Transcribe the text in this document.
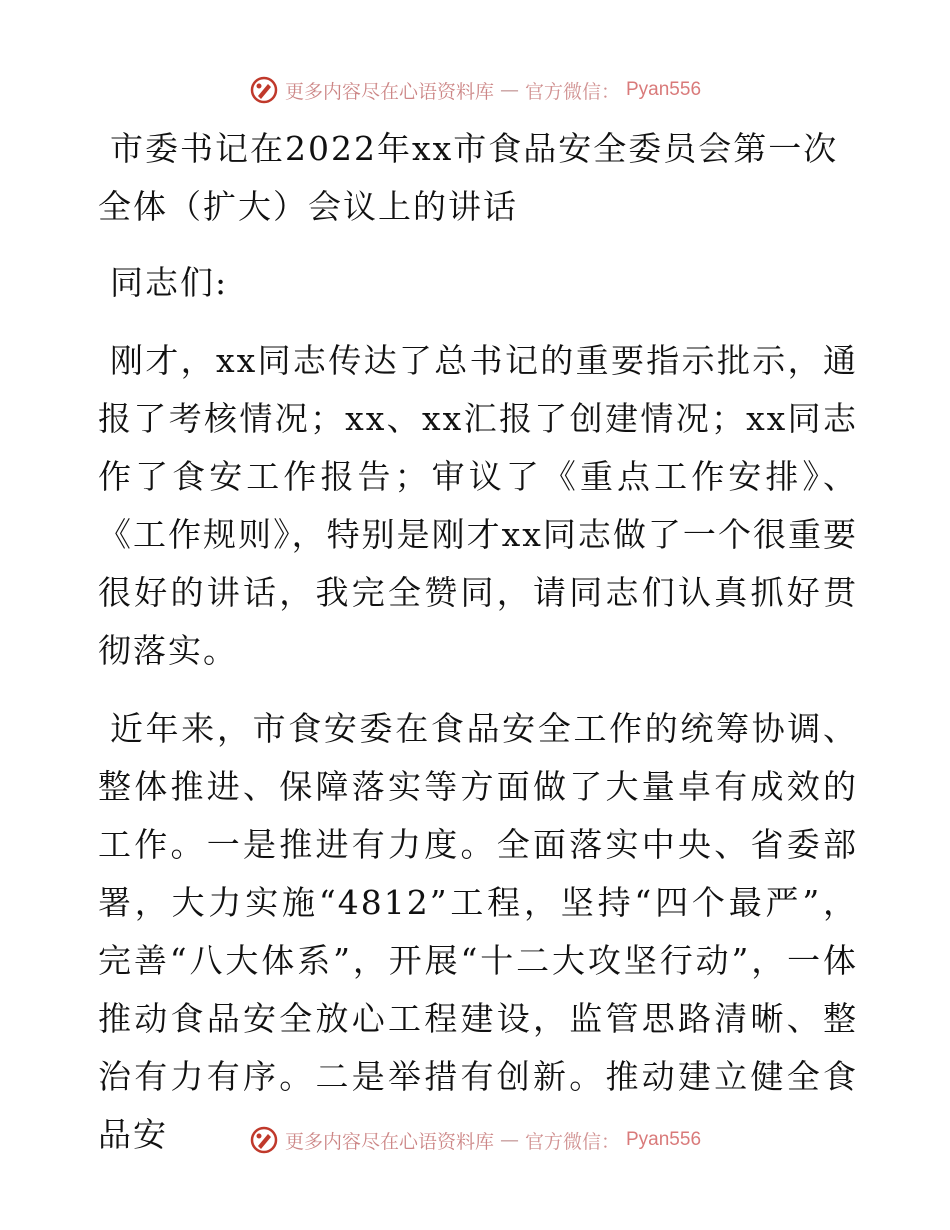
更多内容尽在心语资料库 — 官方微信： Pyan556
市委书记在2022年xx市食品安全委员会第一次全体（扩大）会议上的讲话

同志们:

刚才，xx同志传达了总书记的重要指示批示，通报了考核情况；xx、xx汇报了创建情况；xx同志作了食安工作报告；审议了《重点工作安排》、《工作规则》，特别是刚才xx同志做了一个很重要很好的讲话，我完全赞同，请同志们认真抓好贯彻落实。

近年来，市食安委在食品安全工作的统筹协调、整体推进、保障落实等方面做了大量卓有成效的工作。一是推进有力度。全面落实中央、省委部署，大力实施“4812”工程，坚持“四个最严”，完善“八大体系”，开展“十二大攻坚行动”，一体推动食品安全放心工程建设，监管思路清晰、整治有力有序。二是举措有创新。推动建立健全食品安	更多内容尽在心语资料库 — 官方微信： Pyan556
